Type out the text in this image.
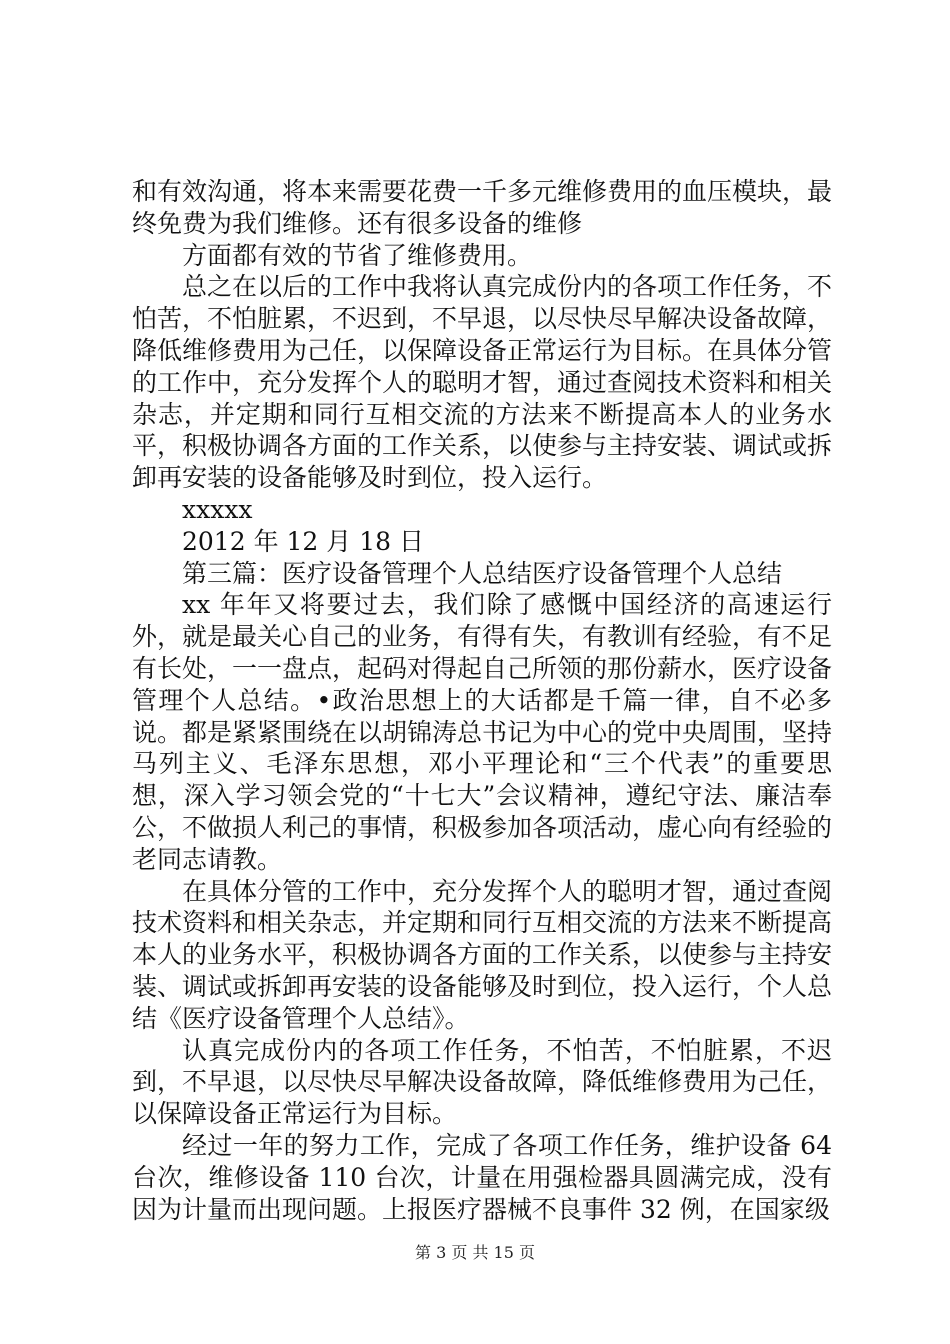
和有效沟通，将本来需要花费一千多元维修费用的血压模块，最终免费为我们维修。还有很多设备的维修

方面都有效的节省了维修费用。

总之在以后的工作中我将认真完成份内的各项工作任务，不怕苦，不怕脏累，不迟到，不早退，以尽快尽早解决设备故障，降低维修费用为己任，以保障设备正常运行为目标。在具体分管的工作中，充分发挥个人的聪明才智，通过查阅技术资料和相关杂志，并定期和同行互相交流的方法来不断提高本人的业务水平，积极协调各方面的工作关系，以使参与主持安装、调试或拆卸再安装的设备能够及时到位，投入运行。

xxxxx

2012 年 12 月 18 日

第三篇：医疗设备管理个人总结医疗设备管理个人总结

xx 年年又将要过去，我们除了感慨中国经济的高速运行外，就是最关心自己的业务，有得有失，有教训有经验，有不足有长处，一一盘点，起码对得起自己所领的那份薪水，医疗设备管理个人总结。•政治思想上的大话都是千篇一律，自不必多说。都是紧紧围绕在以胡锦涛总书记为中心的党中央周围，坚持马列主义、毛泽东思想，邓小平理论和“三个代表”的重要思想，深入学习领会党的“十七大”会议精神，遵纪守法、廉洁奉公，不做损人利己的事情，积极参加各项活动，虚心向有经验的老同志请教。

在具体分管的工作中，充分发挥个人的聪明才智，通过查阅技术资料和相关杂志，并定期和同行互相交流的方法来不断提高本人的业务水平，积极协调各方面的工作关系，以使参与主持安装、调试或拆卸再安装的设备能够及时到位，投入运行，个人总结《医疗设备管理个人总结》。

认真完成份内的各项工作任务，不怕苦，不怕脏累，不迟到，不早退，以尽快尽早解决设备故障，降低维修费用为己任，以保障设备正常运行为目标。

经过一年的努力工作，完成了各项工作任务，维护设备 64 台次，维修设备 110 台次，计量在用强检器具圆满完成，没有因为计量而出现问题。上报医疗器械不良事件 32 例，在国家级

第 3 页 共 15 页
